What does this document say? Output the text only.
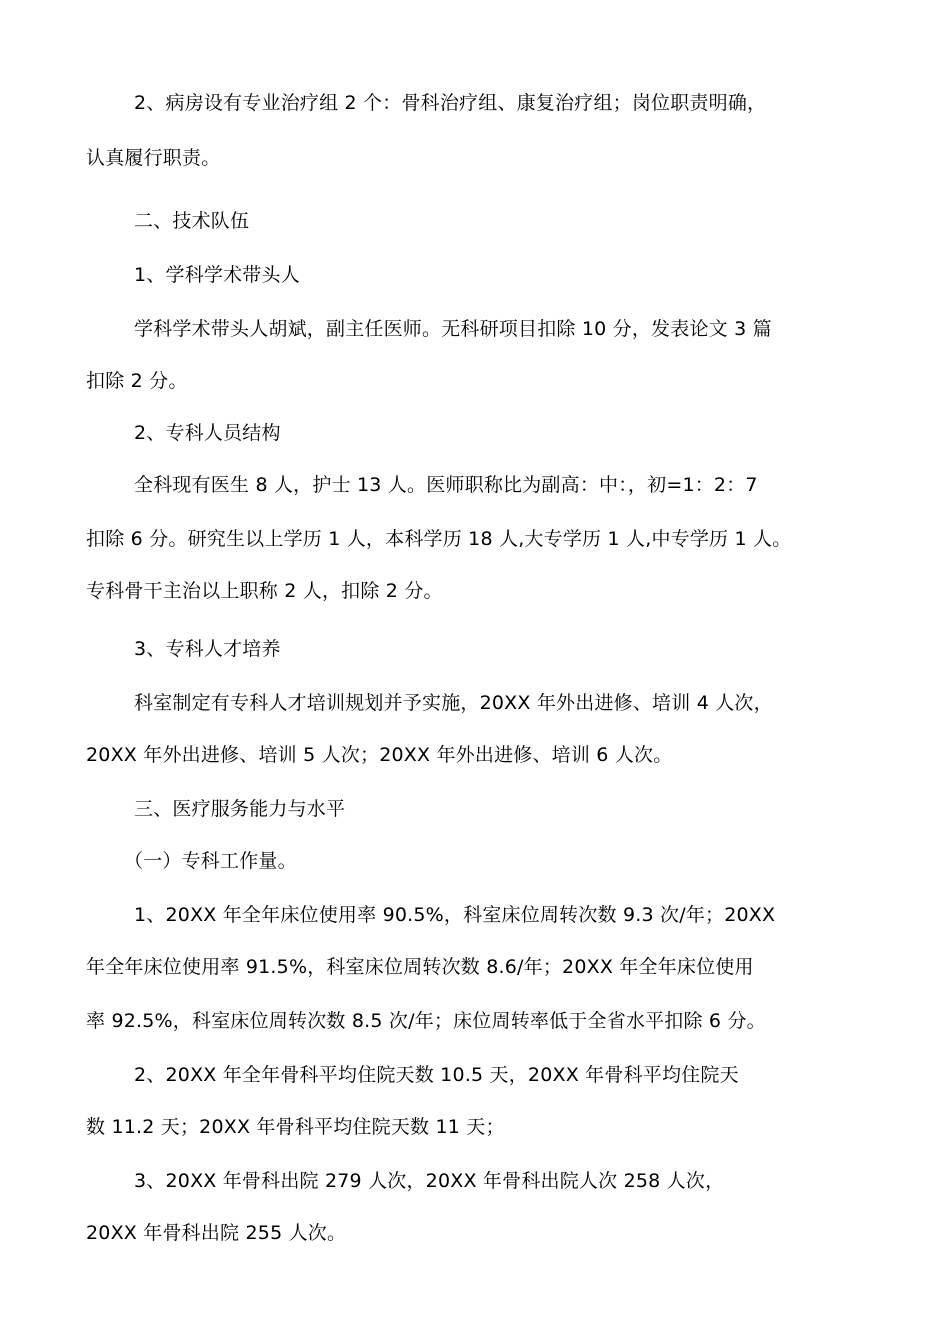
2、病房设有专业治疗组 2 个：骨科治疗组、康复治疗组；岗位职责明确，
认真履行职责。
二、技术队伍
1、学科学术带头人
学科学术带头人胡斌，副主任医师。无科研项目扣除 10 分，发表论文 3 篇
扣除 2 分。
2、专科人员结构
全科现有医生 8 人，护士 13 人。医师职称比为副高：中：，初=1：2：7
扣除 6 分。研究生以上学历 1 人，本科学历 18 人,大专学历 1 人,中专学历 1 人。
专科骨干主治以上职称 2 人，扣除 2 分。
3、专科人才培养
科室制定有专科人才培训规划并予实施，20XX 年外出进修、培训 4 人次，
20XX 年外出进修、培训 5 人次；20XX 年外出进修、培训 6 人次。
三、医疗服务能力与水平
（一）专科工作量。
1、20XX 年全年床位使用率 90.5%，科室床位周转次数 9.3 次/年；20XX
年全年床位使用率 91.5%，科室床位周转次数 8.6/年；20XX 年全年床位使用
率 92.5%，科室床位周转次数 8.5 次/年；床位周转率低于全省水平扣除 6 分。
2、20XX 年全年骨科平均住院天数 10.5 天，20XX 年骨科平均住院天
数 11.2 天；20XX 年骨科平均住院天数 11 天；
3、20XX 年骨科出院 279 人次，20XX 年骨科出院人次 258 人次，
20XX 年骨科出院 255 人次。
